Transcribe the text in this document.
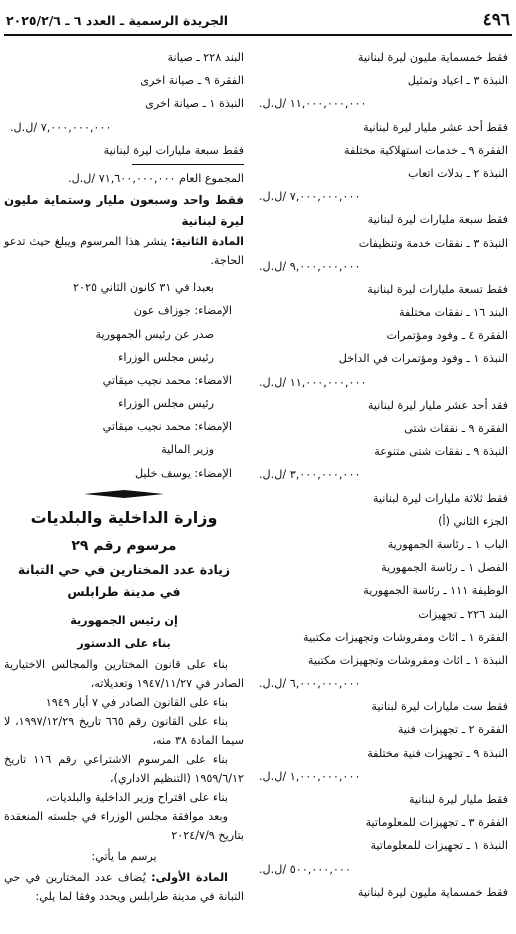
٤٩٦
الجريدة الرسمية ـ العدد ٦ ـ ٢٠٢٥/٢/٦
فقط خمسماية مليون ليرة لبنانية
النبذة ٣ ـ اعياد وتمثيل
١١,٠٠٠,٠٠٠,٠٠٠ /ل.ل.
فقط أحد عشر مليار ليرة لبنانية
الفقرة ٩ ـ خدمات استهلاكية مختلفة
النبذة ٢ ـ بدلات اتعاب
٧,٠٠٠,٠٠٠,٠٠٠ /ل.ل.
فقط سبعة مليارات ليرة لبنانية
النبذة ٣ ـ نفقات خدمة وتنظيفات
٩,٠٠٠,٠٠٠,٠٠٠ /ل.ل.
فقط تسعة مليارات ليرة لبنانية
البند ١٦ ـ نفقات مختلفة
الفقرة ٤ ـ وفود ومؤتمرات
النبذة ١ ـ وفود ومؤتمرات في الداخل
١١,٠٠٠,٠٠٠,٠٠٠ /ل.ل.
فقد أحد عشر مليار ليرة لبنانية
الفقرة ٩ ـ نفقات شتى
النبذة ٩ ـ نفقات شتى متنوعة
٣,٠٠٠,٠٠٠,٠٠٠ /ل.ل.
فقط ثلاثة مليارات ليرة لبنانية
الجزء الثاني (أ)
الباب ١ ـ رئاسة الجمهورية
الفصل ١ ـ رئاسة الجمهورية
الوظيفة ١١١ ـ رئاسة الجمهورية
البند ٢٢٦ ـ تجهيزات
الفقرة ١ ـ اثاث ومفروشات وتجهيزات مكتبية
النبذة ١ ـ اثاث ومفروشات وتجهيزات مكتبية
٦,٠٠٠,٠٠٠,٠٠٠ /ل.ل.
فقط ست مليارات ليرة لبنانية
الفقرة ٢ ـ تجهيزات فنية
النبذة ٩ ـ تجهيزات فنية مختلفة
١,٠٠٠,٠٠٠,٠٠٠ /ل.ل.
فقط مليار ليرة لبنانية
الفقرة ٣ ـ تجهيزات للمعلوماتية
النبذة ١ ـ تجهيزات للمعلوماتية
٥٠٠,٠٠٠,٠٠٠ /ل.ل.
فقط خمسماية مليون ليرة لبنانية
البند ٢٢٨ ـ صيانة
الفقرة ٩ ـ صيانة اخرى
النبذة ١ ـ صيانة اخرى
٧,٠٠٠,٠٠٠,٠٠٠ /ل.ل.
فقط سبعة مليارات ليرة لبنانية
المجموع العام ٧١,٦٠٠,٠٠٠,٠٠٠ /ل.ل.
فقط واحد وسبعون مليار وستماية مليون ليرة لبنانية
المادة الثانية: ينشر هذا المرسوم ويبلغ حيث تدعو الحاجة.
بعبدا في ٣١ كانون الثاني ٢٠٢٥
الإمضاء: جوزاف عون
صدر عن رئيس الجمهورية
رئيس مجلس الوزراء
الامضاء: محمد نجيب ميقاتي
رئيس مجلس الوزراء
الإمضاء: محمد نجيب ميقاتي
وزير المالية
الإمضاء: يوسف خليل
وزارة الداخلية والبلديات
مرسوم رقم ٢٩
زيادة عدد المختارين في حي التبانة
في مدينة طرابلس
إن رئيس الجمهورية
بناء على الدستور
بناء على قانون المختارين والمجالس الاختيارية الصادر في ١٩٤٧/١١/٢٧ وتعديلاته،
بناء على القانون الصادر في ٧ أيار ١٩٤٩
بناء على القانون رقم ٦٦٥ تاريخ ١٩٩٧/١٢/٢٩، لا سيما المادة ٣٨ منه،
بناء على المرسوم الاشتراعي رقم ١١٦ تاريخ ١٩٥٩/٦/١٢ (التنظيم الاداري)،
بناء على اقتراح وزير الداخلية والبلديات،
وبعد موافقة مجلس الوزراء في جلسته المنعقدة بتاريخ ٢٠٢٤/٧/٩
يرسم ما يأتي:
المادة الأولى: يُضاف عدد المختارين في حي التبانة في مدينة طرابلس ويحدد وفقا لما يلي:
